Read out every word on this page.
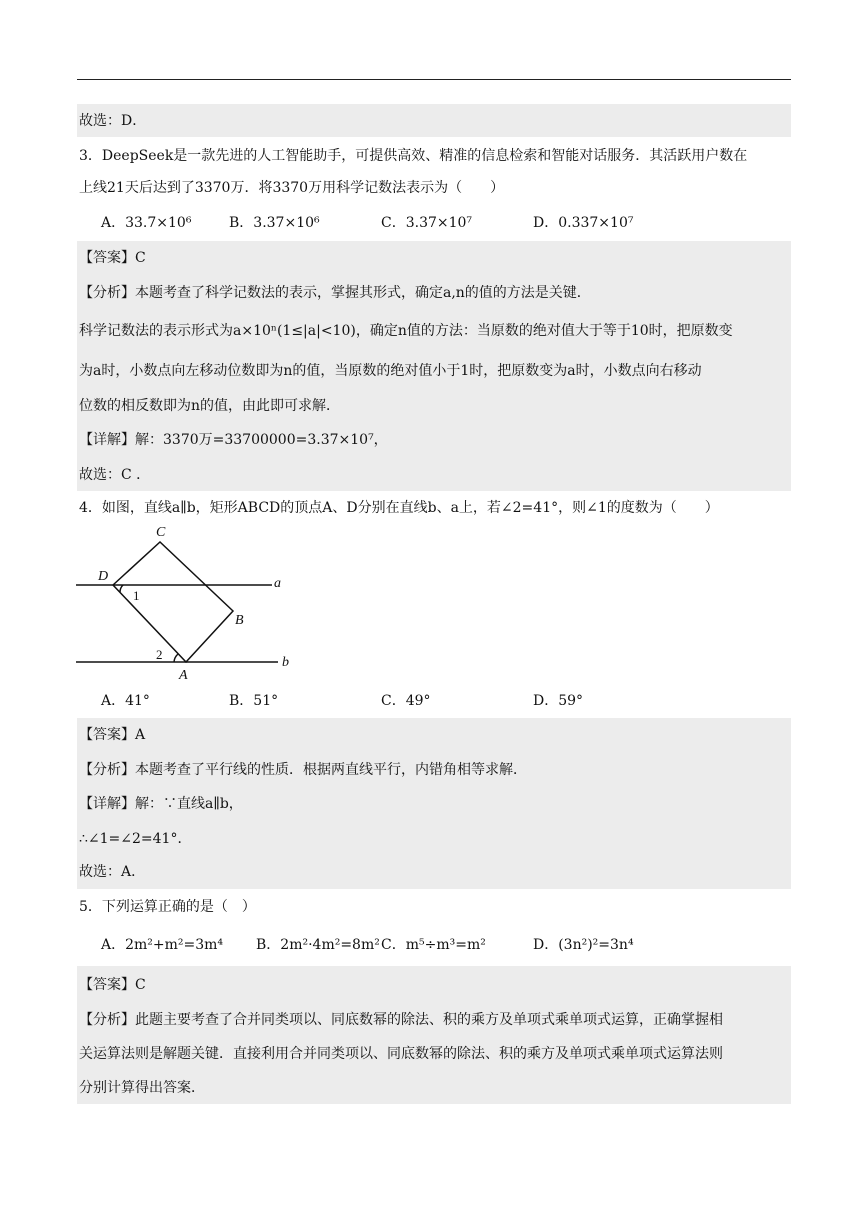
故选：D．
3．DeepSeek是一款先进的人工智能助手，可提供高效、精准的信息检索和智能对话服务．其活跃用户数在
上线21天后达到了3370万．将3370万用科学记数法表示为（　　）
A．33.7×10⁶	B．3.37×10⁶	C．3.37×10⁷	D．0.337×10⁷
【答案】C
【分析】本题考查了科学记数法的表示，掌握其形式，确定a,n的值的方法是关键．
科学记数法的表示形式为a×10ⁿ(1≤|a|<10)，确定n值的方法：当原数的绝对值大于等于10时，把原数变
为a时，小数点向左移动位数即为n的值，当原数的绝对值小于1时，把原数变为a时，小数点向右移动
位数的相反数即为n的值，由此即可求解．
【详解】解：3370万=33700000=3.37×10⁷，
故选：C ．
4．如图，直线a∥b，矩形ABCD的顶点A、D分别在直线b、a上，若∠2=41°，则∠1的度数为（　　）
C
D	a
B
A
b
1
2
A．41°	B．51°	C．49°	D．59°
【答案】A
【分析】本题考查了平行线的性质．根据两直线平行，内错角相等求解．
【详解】解：∵直线a∥b，
∴∠1=∠2=41°．
故选：A．
5．下列运算正确的是（　）
A．2m²+m²=3m⁴ B．2m²·4m²=8m² C．m⁵÷m³=m²	D．(3n²)²=3n⁴
【答案】C
【分析】此题主要考查了合并同类项以、同底数幂的除法、积的乘方及单项式乘单项式运算，正确掌握相
关运算法则是解题关键．直接利用合并同类项以、同底数幂的除法、积的乘方及单项式乘单项式运算法则
分别计算得出答案．
